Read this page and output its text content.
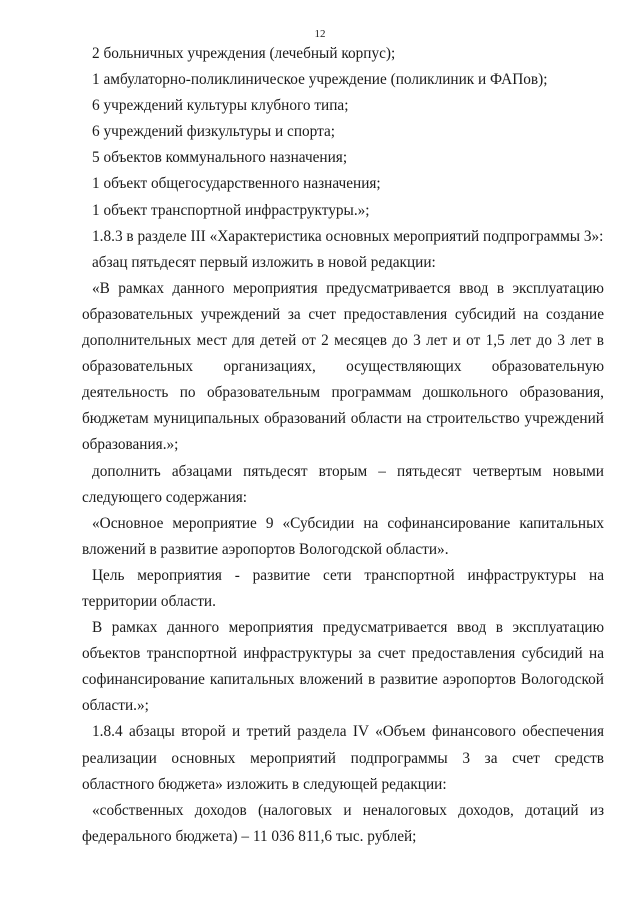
12

2 больничных учреждения (лечебный корпус);

1 амбулаторно-поликлиническое учреждение (поликлиник и ФАПов);

6 учреждений культуры клубного типа;

6 учреждений физкультуры и спорта;

5 объектов коммунального назначения;

1 объект общегосударственного назначения;

1 объект транспортной инфраструктуры.»;

1.8.3 в разделе III «Характеристика основных мероприятий подпрограммы 3»:

абзац пятьдесят первый изложить в новой редакции:

«В рамках данного мероприятия предусматривается ввод в эксплуатацию образовательных учреждений за счет предоставления субсидий на создание дополнительных мест для детей от 2 месяцев до 3 лет и от 1,5 лет до 3 лет в образовательных организациях, осуществляющих образовательную деятельность по образовательным программам дошкольного образования, бюджетам муниципальных образований области на строительство учреждений образования.»;

дополнить абзацами пятьдесят вторым – пятьдесят четвертым новыми следующего содержания:

«Основное мероприятие 9 «Субсидии на софинансирование капитальных вложений в развитие аэропортов Вологодской области».

Цель мероприятия - развитие сети транспортной инфраструктуры на территории области.

В рамках данного мероприятия предусматривается ввод в эксплуатацию объектов транспортной инфраструктуры за счет предоставления субсидий на софинансирование капитальных вложений в развитие аэропортов Вологодской области.»;

1.8.4 абзацы второй и третий раздела IV «Объем финансового обеспечения реализации основных мероприятий подпрограммы 3 за счет средств областного бюджета» изложить в следующей редакции:

«собственных доходов (налоговых и неналоговых доходов, дотаций из федерального бюджета) – 11 036 811,6 тыс. рублей;
